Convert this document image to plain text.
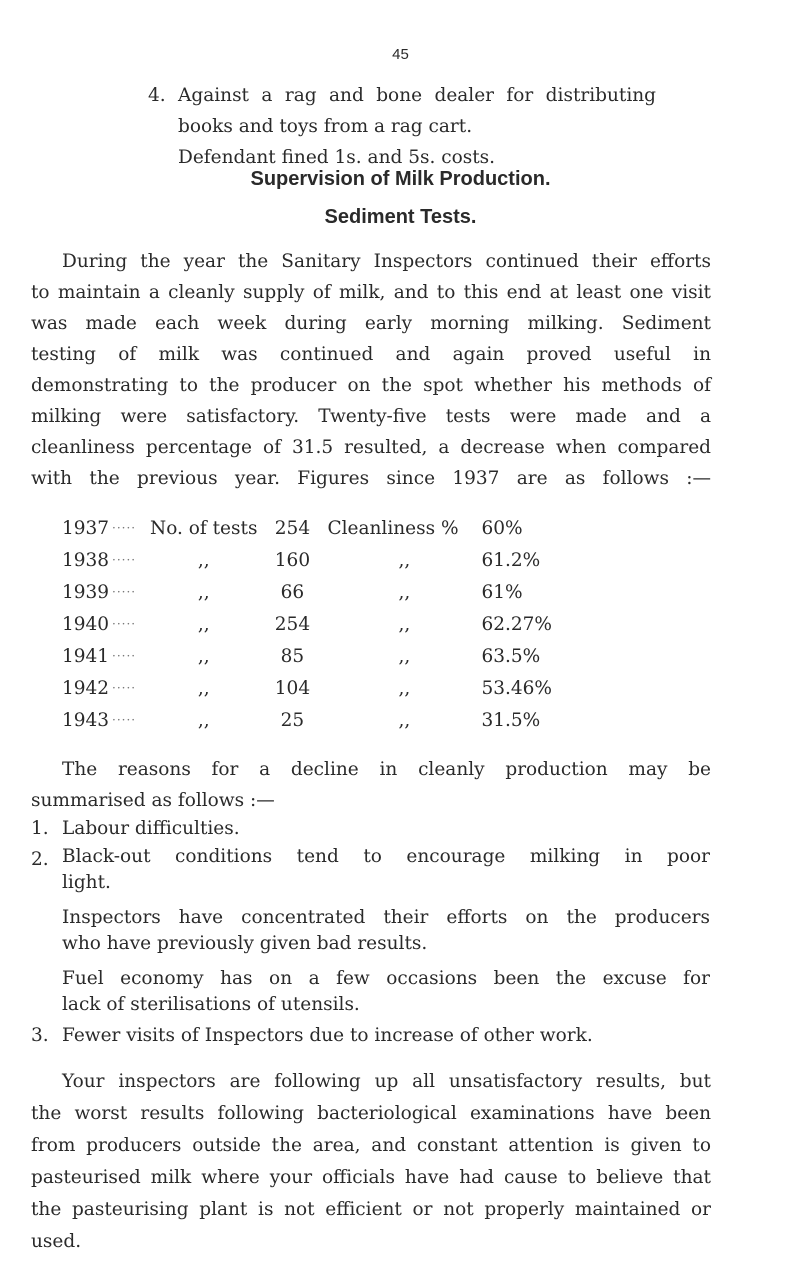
45
4. Against a rag and bone dealer for distributing
books and toys from a rag cart.
Defendant fined 1s. and 5s. costs.
Supervision of Milk Production.
Sediment Tests.
During the year the Sanitary Inspectors continued their efforts
to maintain a cleanly supply of milk, and to this end at least one visit
was made each week during early morning milking. Sediment
testing of milk was continued and again proved useful in
demonstrating to the producer on the spot whether his methods of
milking were satisfactory. Twenty-five tests were made and a
cleanliness percentage of 31.5 resulted, a decrease when compared
with the previous year. Figures since 1937 are as follows :—
1937	·····	No. of tests	254	Cleanliness %	60%
1938	·····	,,	160	,,	61.2%
1939	·····	,,	66	,,	61%
1940	·····	,,	254	,,	62.27%
1941	·····	,,	85	,,	63.5%
1942	·····	,,	104	,,	53.46%
1943	·····	,,	25	,,	31.5%
The reasons for a decline in cleanly production may be
summarised as follows :—
1. Labour difficulties.
2. Black-out conditions tend to encourage milking in poor
light.
Inspectors have concentrated their efforts on the producers
who have previously given bad results.
Fuel economy has on a few occasions been the excuse for
lack of sterilisations of utensils.
3. Fewer visits of Inspectors due to increase of other work.
Your inspectors are following up all unsatisfactory results, but
the worst results following bacteriological examinations have been
from producers outside the area, and constant attention is given to
pasteurised milk where your officials have had cause to believe that
the pasteurising plant is not efficient or not properly maintained or
used.
